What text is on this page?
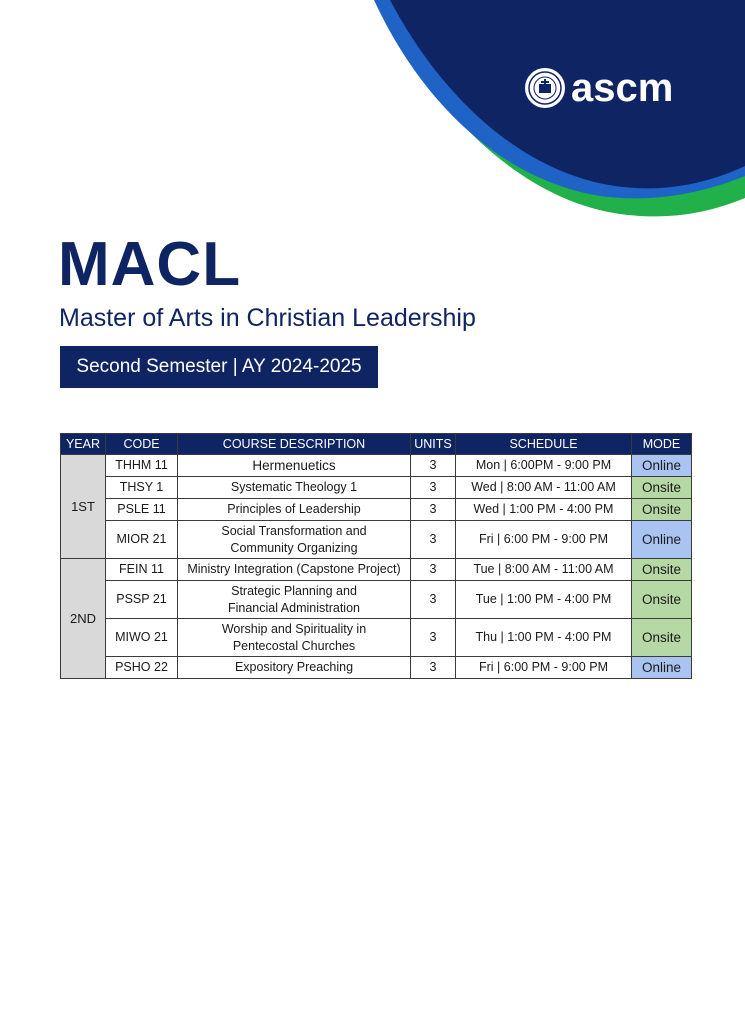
ascm
MACL

Master of Arts in Christian Leadership

Second Semester | AY 2024-2025
YEAR	CODE	COURSE DESCRIPTION	UNITS	SCHEDULE	MODE
1ST	THHM 11	Hermenuetics	3	Mon | 6:00PM - 9:00 PM	Online
	THSY 1	Systematic Theology 1	3	Wed | 8:00 AM - 11:00 AM	Onsite
	PSLE 11	Principles of Leadership	3	Wed | 1:00 PM - 4:00 PM	Onsite
	MIOR 21	Social Transformation and
Community Organizing	3	Fri | 6:00 PM - 9:00 PM	Online
2ND	FEIN 11	Ministry Integration (Capstone Project)	3	Tue | 8:00 AM - 11:00 AM	Onsite
	PSSP 21	Strategic Planning and
Financial Administration	3	Tue | 1:00 PM - 4:00 PM	Onsite
	MIWO 21	Worship and Spirituality in
Pentecostal Churches	3	Thu | 1:00 PM - 4:00 PM	Onsite
	PSHO 22	Expository Preaching	3	Fri | 6:00 PM - 9:00 PM	Online
